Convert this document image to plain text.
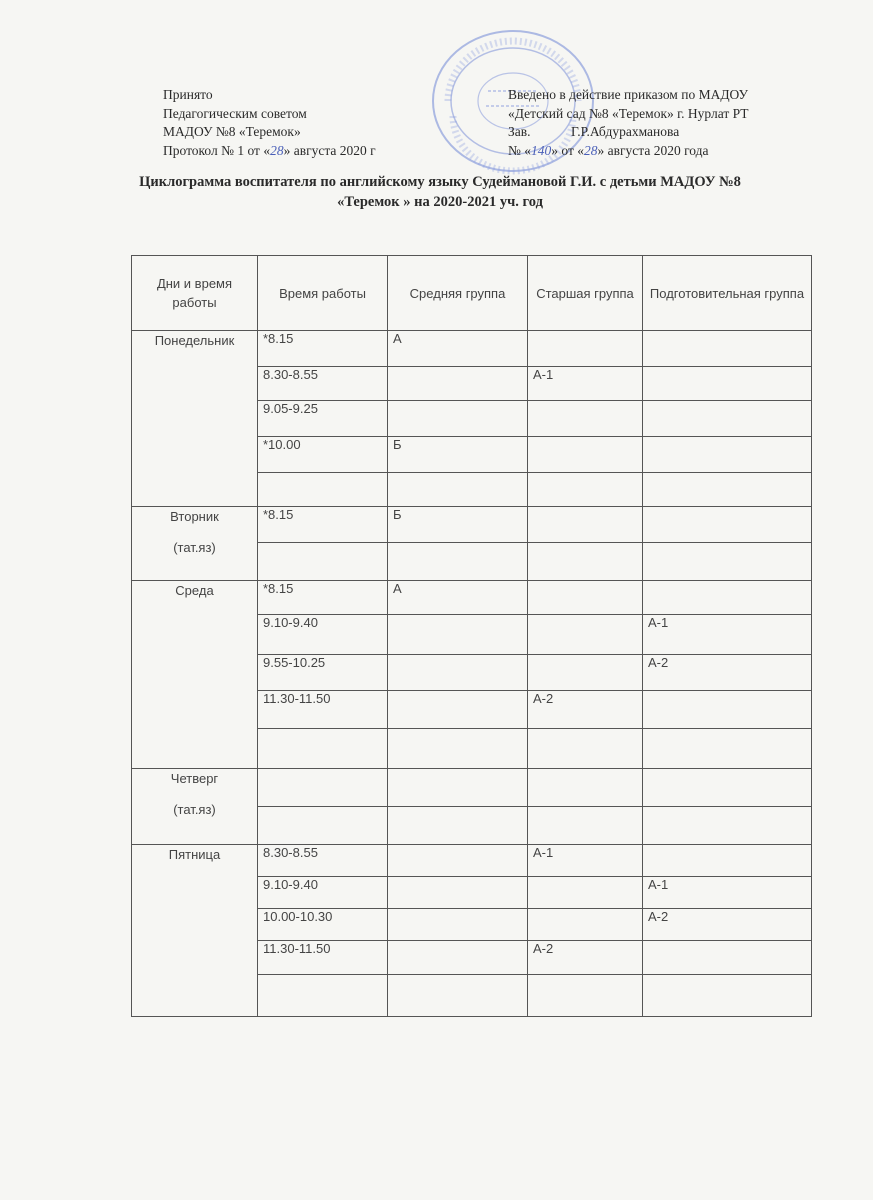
Принято
Педагогическим советом
МАДОУ №8 «Теремок»
Протокол № 1 от «28» августа 2020 г
Введено в действие приказом по МАДОУ
«Детский сад №8 «Теремок» г. Нурлат РТ
Зав.	Г.Р.Абдурахманова
№ «140» от «28» августа 2020 года
Циклограмма воспитателя по английскому языку Судеймановой Г.И. с детьми МАДОУ №8
«Теремок » на 2020-2021 уч. год
Дни и время работы	Время работы	Средняя группа	Старшая группа	Подготовительная группа

Понедельник	*8.15	А		
	8.30-8.55		А-1	
	9.05-9.25			
	*10.00	Б		

Вторник
(тат.яз)	*8.15	Б		

Среда	*8.15	А		
	9.10-9.40			А-1
	9.55-10.25			А-2
	11.30-11.50		А-2	

Четверг
(тат.яз)				

Пятница	8.30-8.55		А-1	
	9.10-9.40			А-1
	10.00-10.30			А-2
	11.30-11.50		А-2	
